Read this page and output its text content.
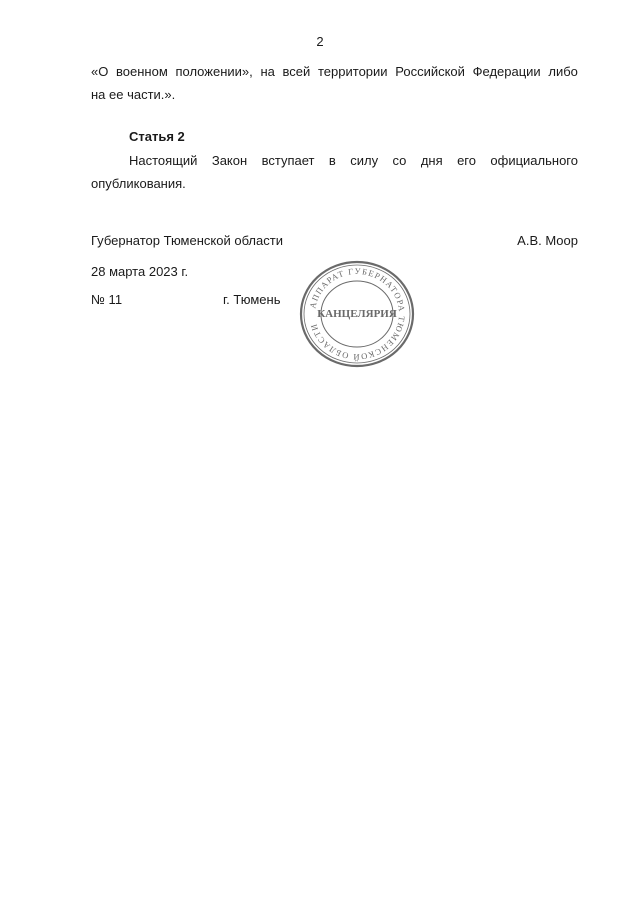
2
«О военном положении», на всей территории Российской Федерации либо
на ее части.».
Статья 2
Настоящий Закон вступает в силу со дня его официального
опубликования.
Губернатор Тюменской области	А.В. Моор
28 марта 2023 г.
№ 11	г. Тюмень	АППАРАТ ГУБЕРНАТОРА ТЮМЕНСКОЙ ОБЛАСТИ
КАНЦЕЛЯРИЯ
